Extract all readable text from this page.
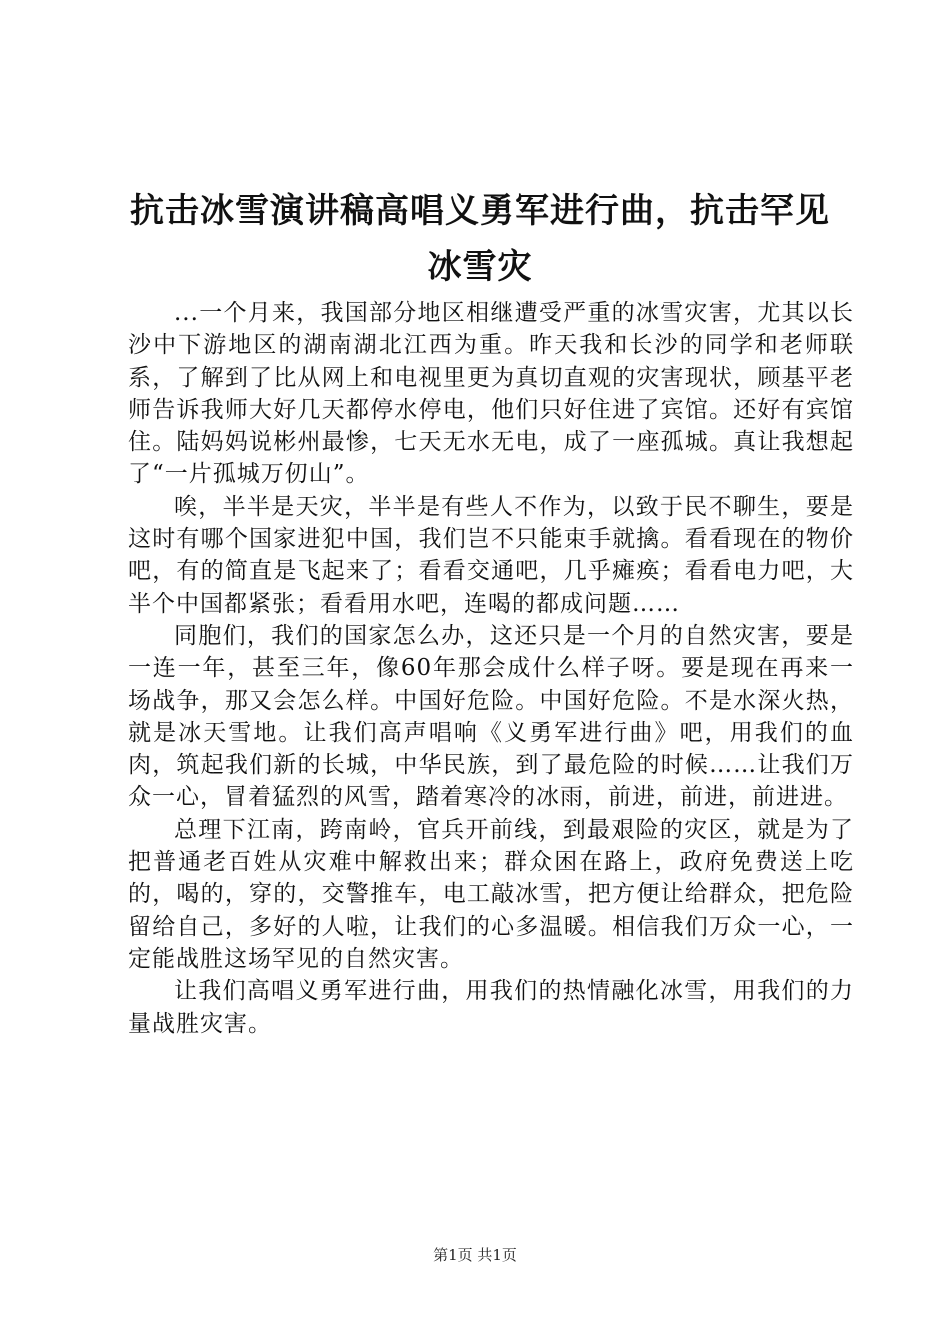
抗击冰雪演讲稿高唱义勇军进行曲，抗击罕见冰雪灾

...一个月来，我国部分地区相继遭受严重的冰雪灾害，尤其以长沙中下游地区的湖南湖北江西为重。昨天我和长沙的同学和老师联系，了解到了比从网上和电视里更为真切直观的灾害现状，顾基平老师告诉我师大好几天都停水停电，他们只好住进了宾馆。还好有宾馆住。陆妈妈说彬州最惨，七天无水无电，成了一座孤城。真让我想起了“一片孤城万仞山”。

唉，半半是天灾，半半是有些人不作为，以致于民不聊生，要是这时有哪个国家进犯中国，我们岂不只能束手就擒。看看现在的物价吧，有的简直是飞起来了；看看交通吧，几乎瘫痪；看看电力吧，大半个中国都紧张；看看用水吧，连喝的都成问题……

同胞们，我们的国家怎么办，这还只是一个月的自然灾害，要是一连一年，甚至三年，像60年那会成什么样子呀。要是现在再来一场战争，那又会怎么样。中国好危险。中国好危险。不是水深火热，就是冰天雪地。让我们高声唱响《义勇军进行曲》吧，用我们的血肉，筑起我们新的长城，中华民族，到了最危险的时候……让我们万众一心，冒着猛烈的风雪，踏着寒冷的冰雨，前进，前进，前进进。

总理下江南，跨南岭，官兵开前线，到最艰险的灾区，就是为了把普通老百姓从灾难中解救出来；群众困在路上，政府免费送上吃的，喝的，穿的，交警推车，电工敲冰雪，把方便让给群众，把危险留给自己，多好的人啦，让我们的心多温暖。相信我们万众一心，一定能战胜这场罕见的自然灾害。

让我们高唱义勇军进行曲，用我们的热情融化冰雪，用我们的力量战胜灾害。

第1页 共1页
